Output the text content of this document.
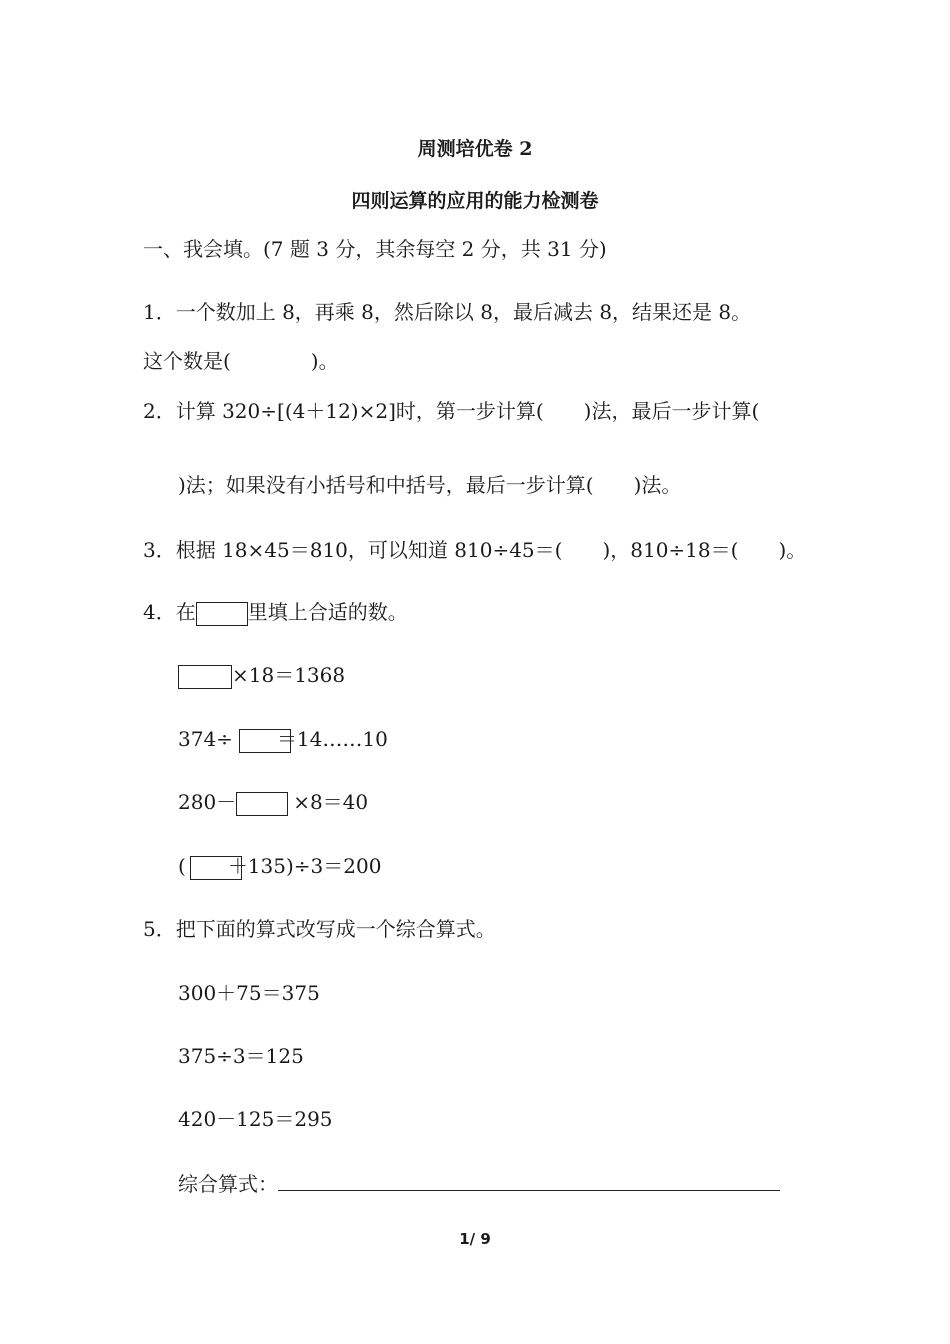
周测培优卷 2
四则运算的应用的能力检测卷
一、我会填。(7 题 3 分，其余每空 2 分，共 31 分)
1．一个数加上 8，再乘 8，然后除以 8，最后减去 8，结果还是 8。
这个数是(　　　　)。
2．计算 320÷[(4＋12)×2]时，第一步计算(　　)法，最后一步计算(
)法；如果没有小括号和中括号，最后一步计算(　　)法。
3．根据 18×45＝810，可以知道 810÷45＝(　　)，810÷18＝(　　)。
4．在	里填上合适的数。
×18＝1368
374÷ ＝14……10
280－	×8＝40
( ＋135)÷3＝200
5．把下面的算式改写成一个综合算式。
300＋75＝375
375÷3＝125
420－125＝295
综合算式：
1/ 9
